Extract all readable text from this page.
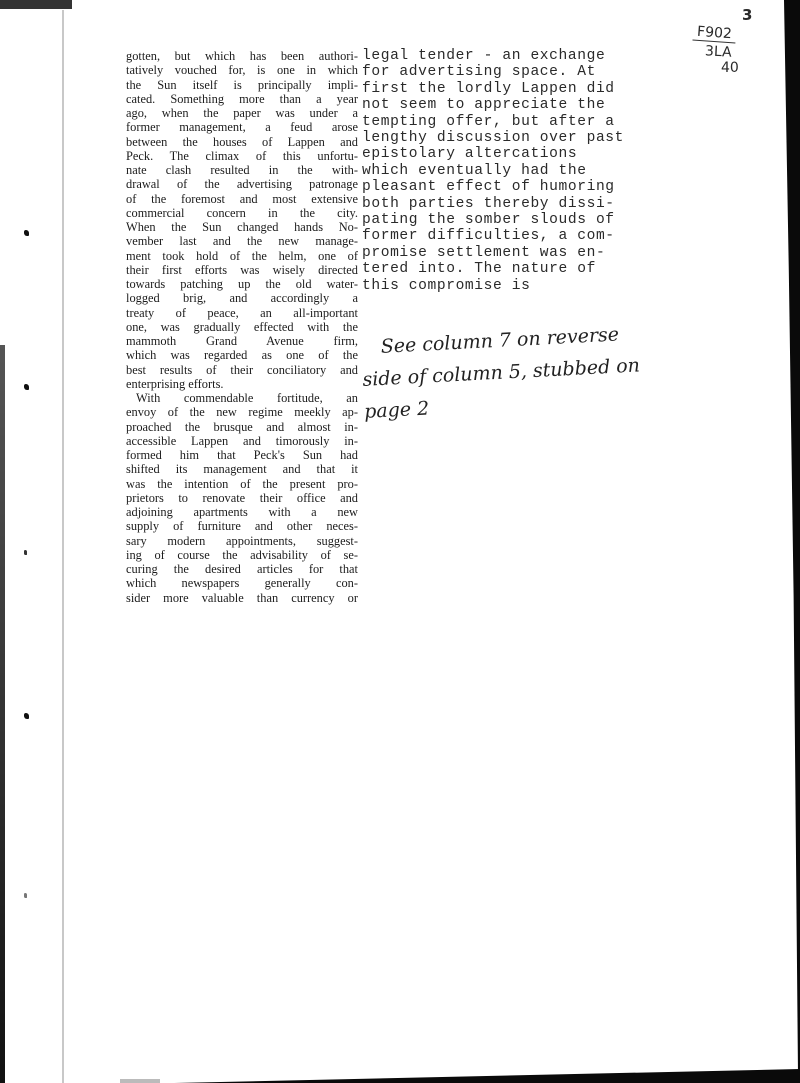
3
F902
3LA
40

gotten, but which has been authori-
tatively vouched for, is one in which
the Sun itself is principally impli-
cated. Something more than a year
ago, when the paper was under a
former management, a feud arose
between the houses of Lappen and
Peck. The climax of this unfortu-
nate clash resulted in the with-
drawal of the advertising patronage
of the foremost and most extensive
commercial concern in the city.
When the Sun changed hands No-
vember last and the new manage-
ment took hold of the helm, one of
their first efforts was wisely directed
towards patching up the old water-
logged brig, and accordingly a
treaty of peace, an all-important
one, was gradually effected with the
mammoth Grand Avenue firm,
which was regarded as one of the
best results of their conciliatory and
enterprising efforts.

With commendable fortitude, an
envoy of the new regime meekly ap-
proached the brusque and almost in-
accessible Lappen and timorously in-
formed him that Peck's Sun had
shifted its management and that it
was the intention of the present pro-
prietors to renovate their office and
adjoining apartments with a new
supply of furniture and other neces-
sary modern appointments, suggest-
ing of course the advisability of se-
curing the desired articles for that
which newspapers generally con-
sider more valuable than currency or

legal tender - an exchange
for advertising space. At
first the lordly Lappen did
not seem to appreciate the
tempting offer, but after a
lengthy discussion over past
epistolary altercations
which eventually had the
pleasant effect of humoring
both parties thereby dissi-
pating the somber slouds of
former difficulties, a com-
promise settlement was en-
tered into. The nature of
this compromise is
See column 7 on reverse
side of column 5, stubbed on
page 2
